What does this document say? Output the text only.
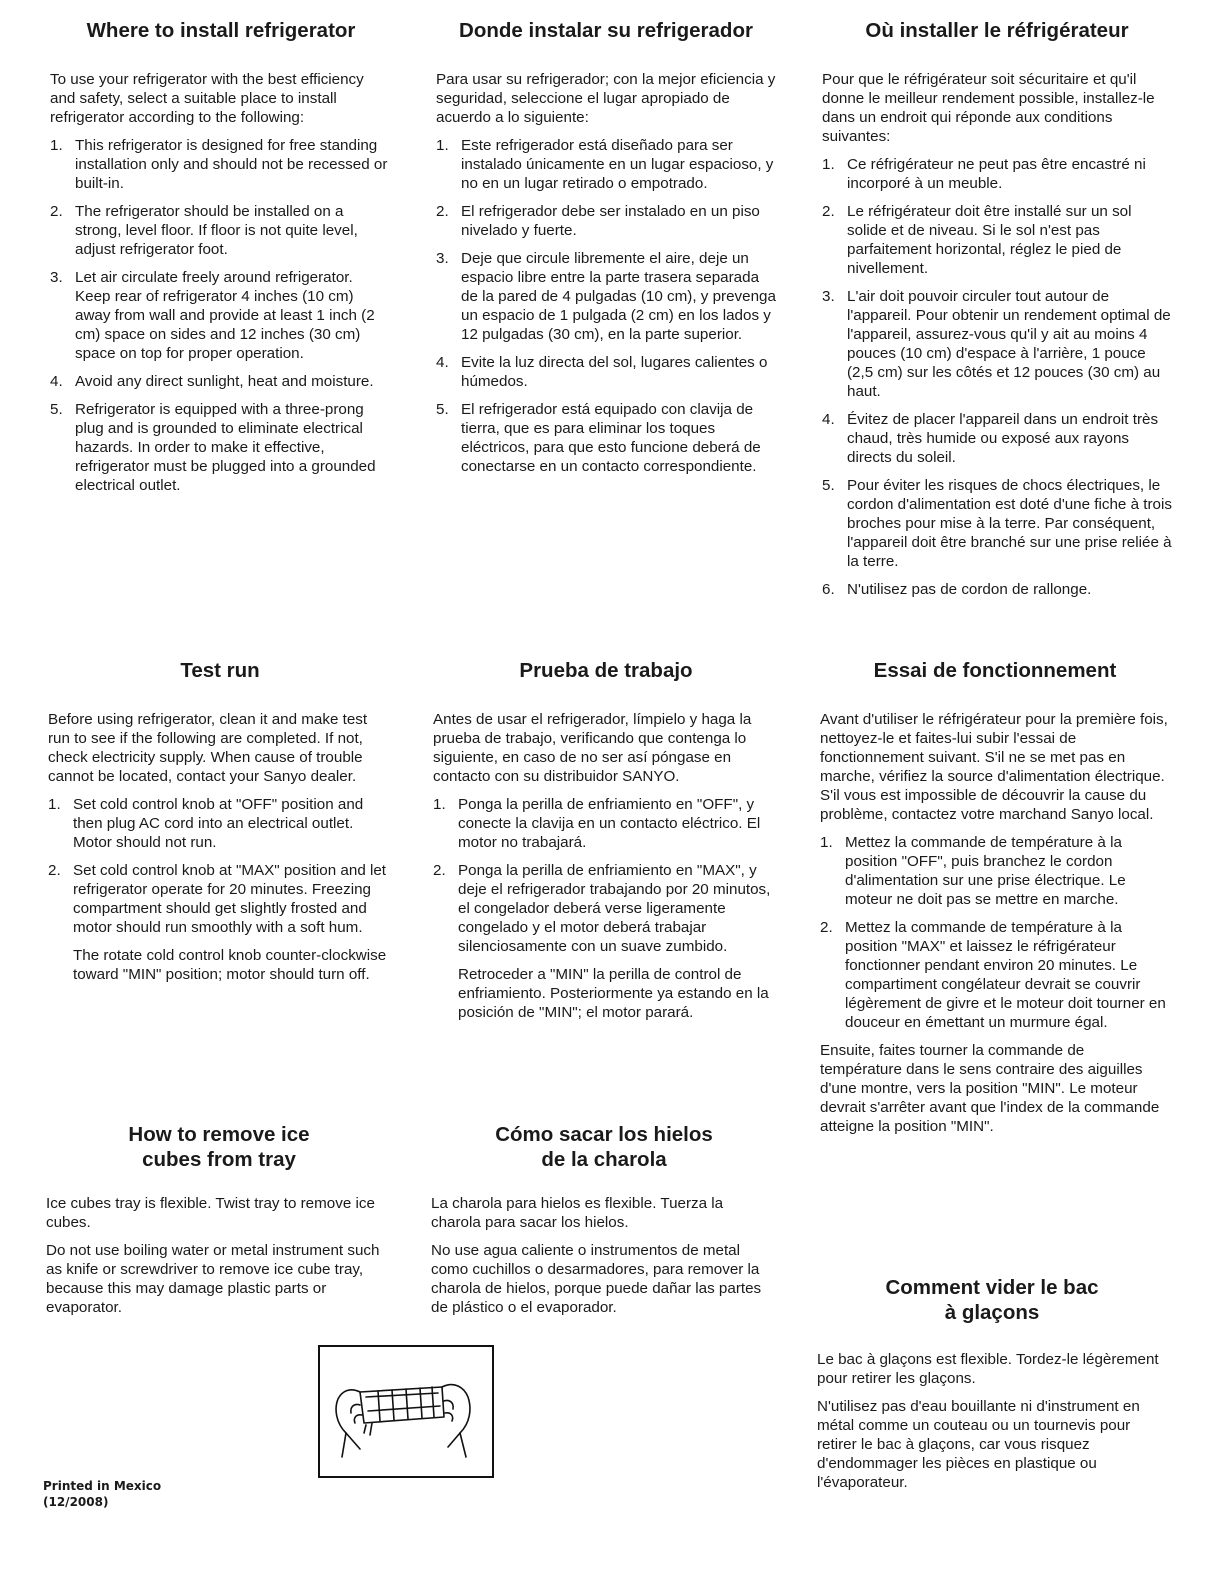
Where to install refrigerator

To use your refrigerator with the best efficiency and safety, select a suitable place to install refrigerator according to the following:

1. This refrigerator is designed for free standing installation only and should not be recessed or built-in.
2. The refrigerator should be installed on a strong, level floor. If floor is not quite level, adjust refrigerator foot.
3. Let air circulate freely around refrigerator. Keep rear of refrigerator 4 inches (10 cm) away from wall and provide at least 1 inch (2 cm) space on sides and 12 inches (30 cm) space on top for proper operation.
4. Avoid any direct sunlight, heat and moisture.
5. Refrigerator is equipped with a three-prong plug and is grounded to eliminate electrical hazards. In order to make it effective, refrigerator must be plugged into a grounded electrical outlet.
Donde instalar su refrigerador

Para usar su refrigerador; con la mejor eficiencia y seguridad, seleccione el lugar apropiado de acuerdo a lo siguiente:

1. Este refrigerador está diseñado para ser instalado únicamente en un lugar espacioso, y no en un lugar retirado o empotrado.
2. El refrigerador debe ser instalado en un piso nivelado y fuerte.
3. Deje que circule libremente el aire, deje un espacio libre entre la parte trasera separada de la pared de 4 pulgadas (10 cm), y prevenga un espacio de 1 pulgada (2 cm) en los lados y 12 pulgadas (30 cm), en la parte superior.
4. Evite la luz directa del sol, lugares calientes o húmedos.
5. El refrigerador está equipado con clavija de tierra, que es para eliminar los toques eléctricos, para que esto funcione deberá de conectarse en un contacto correspondiente.
Où installer le réfrigérateur

Pour que le réfrigérateur soit sécuritaire et qu'il donne le meilleur rendement possible, installez-le dans un endroit qui réponde aux conditions suivantes:

1. Ce réfrigérateur ne peut pas être encastré ni incorporé à un meuble.
2. Le réfrigérateur doit être installé sur un sol solide et de niveau. Si le sol n'est pas parfaitement horizontal, réglez le pied de nivellement.
3. L'air doit pouvoir circuler tout autour de l'appareil. Pour obtenir un rendement optimal de l'appareil, assurez-vous qu'il y ait au moins 4 pouces (10 cm) d'espace à l'arrière, 1 pouce (2,5 cm) sur les côtés et 12 pouces (30 cm) au haut.
4. Évitez de placer l'appareil dans un endroit très chaud, très humide ou exposé aux rayons directs du soleil.
5. Pour éviter les risques de chocs électriques, le cordon d'alimentation est doté d'une fiche à trois broches pour mise à la terre. Par conséquent, l'appareil doit être branché sur une prise reliée à la terre.
6. N'utilisez pas de cordon de rallonge.
Test run

Before using refrigerator, clean it and make test run to see if the following are completed. If not, check electricity supply. When cause of trouble cannot be located, contact your Sanyo dealer.

1. Set cold control knob at "OFF" position and then plug AC cord into an electrical outlet. Motor should not run.
2. Set cold control knob at "MAX" position and let refrigerator operate for 20 minutes. Freezing compartment should get slightly frosted and motor should run smoothly with a soft hum.

The rotate cold control knob counter-clockwise toward "MIN" position; motor should turn off.

Prueba de trabajo

Antes de usar el refrigerador, límpielo y haga la prueba de trabajo, verificando que contenga lo siguiente, en caso de no ser así póngase en contacto con su distribuidor SANYO.

1. Ponga la perilla de enfriamiento en "OFF", y conecte la clavija en un contacto eléctrico. El motor no trabajará.
2. Ponga la perilla de enfriamiento en "MAX", y deje el refrigerador trabajando por 20 minutos, el congelador deberá verse ligeramente congelado y el motor deberá trabajar silenciosamente con un suave zumbido.

Retroceder a "MIN" la perilla de control de enfriamiento. Posteriormente ya estando en la posición de "MIN"; el motor parará.

Essai de fonctionnement

Avant d'utiliser le réfrigérateur pour la première fois, nettoyez-le et faites-lui subir l'essai de fonctionnement suivant. S'il ne se met pas en marche, vérifiez la source d'alimentation électrique. S'il vous est impossible de découvrir la cause du problème, contactez votre marchand Sanyo local.

1. Mettez la commande de température à la position "OFF", puis branchez le cordon d'alimentation sur une prise électrique. Le moteur ne doit pas se mettre en marche.
2. Mettez la commande de température à la position "MAX" et laissez le réfrigérateur fonctionner pendant environ 20 minutes. Le compartiment congélateur devrait se couvrir légèrement de givre et le moteur doit tourner en douceur en émettant un murmure égal.

Ensuite, faites tourner la commande de température dans le sens contraire des aiguilles d'une montre, vers la position "MIN". Le moteur devrait s'arrêter avant que l'index de la commande atteigne la position "MIN".

How to remove ice
cubes from tray

Ice cubes tray is flexible. Twist tray to remove ice cubes.

Do not use boiling water or metal instrument such as knife or screwdriver to remove ice cube tray, because this may damage plastic parts or evaporator.

Cómo sacar los hielos
de la charola

La charola para hielos es flexible. Tuerza la charola para sacar los hielos.

No use agua caliente o instrumentos de metal como cuchillos o desarmadores, para remover la charola de hielos, porque puede dañar las partes de plástico o el evaporador.

Comment vider le bac
à glaçons

Le bac à glaçons est flexible. Tordez-le légèrement pour retirer les glaçons.

N'utilisez pas d'eau bouillante ni d'instrument en métal comme un couteau ou un tournevis pour retirer le bac à glaçons, car vous risquez d'endommager les pièces en plastique ou l'évaporateur.

Printed in Mexico
(12/2008)
